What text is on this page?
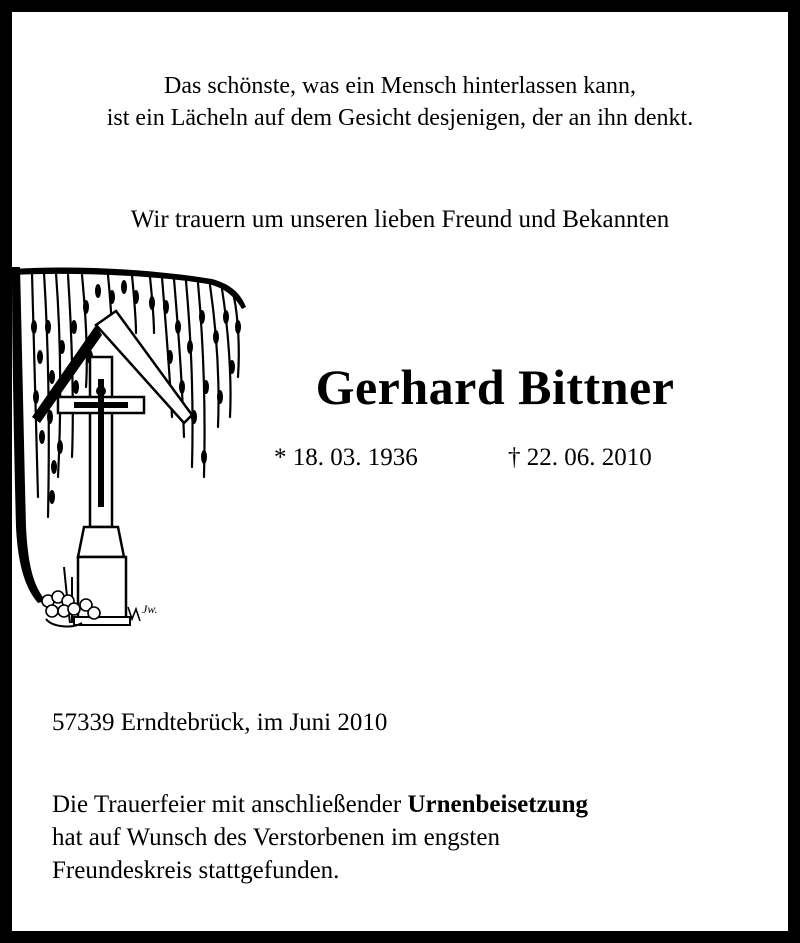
Das schönste, was ein Mensch hinterlassen kann,
ist ein Lächeln auf dem Gesicht desjenigen, der an ihn denkt.
Wir trauern um unseren lieben Freund und Bekannten
Jw.
Gerhard Bittner
* 18. 03. 1936	† 22. 06. 2010
57339 Erndtebrück, im Juni 2010
Die Trauerfeier mit anschließender Urnenbeisetzung
hat auf Wunsch des Verstorbenen im engsten
Freundeskreis stattgefunden.
